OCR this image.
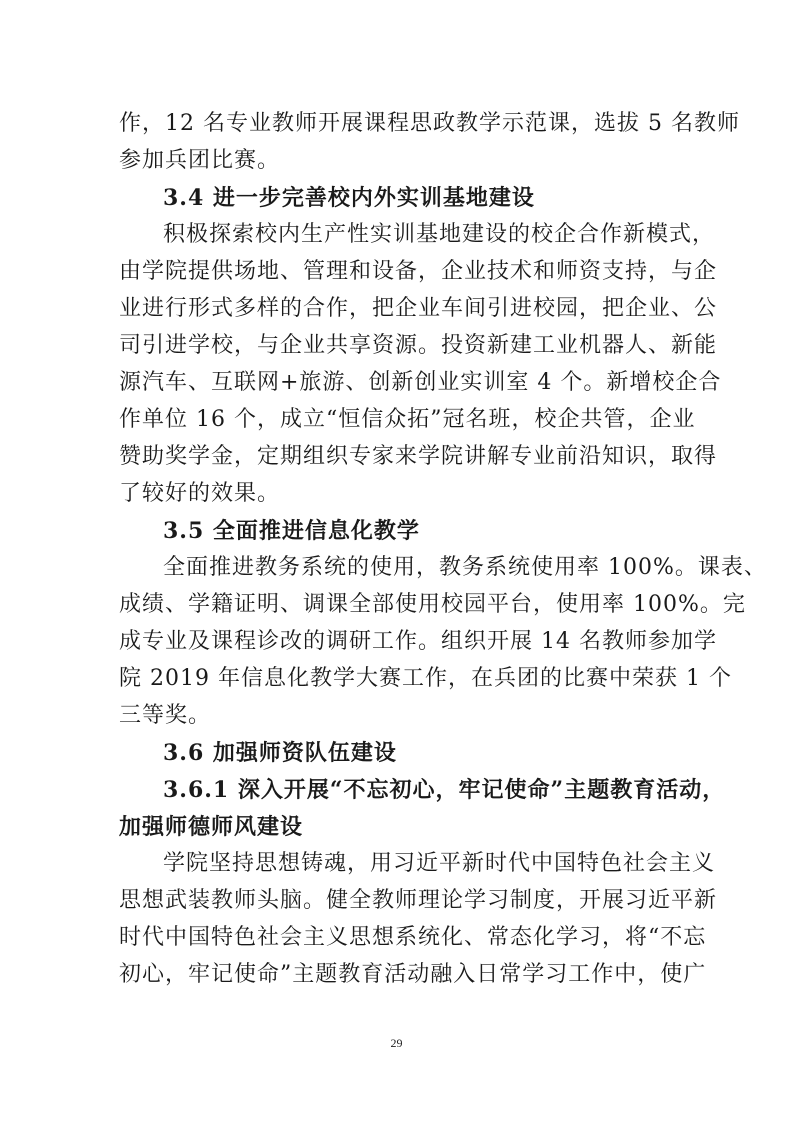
作，12 名专业教师开展课程思政教学示范课，选拔 5 名教师
参加兵团比赛。
3.4 进一步完善校内外实训基地建设
积极探索校内生产性实训基地建设的校企合作新模式，
由学院提供场地、管理和设备，企业技术和师资支持，与企
业进行形式多样的合作，把企业车间引进校园，把企业、公
司引进学校，与企业共享资源。投资新建工业机器人、新能
源汽车、互联网+旅游、创新创业实训室 4 个。新增校企合
作单位 16 个，成立“恒信众拓”冠名班，校企共管，企业
赞助奖学金，定期组织专家来学院讲解专业前沿知识，取得
了较好的效果。
3.5 全面推进信息化教学
全面推进教务系统的使用，教务系统使用率 100%。课表、
成绩、学籍证明、调课全部使用校园平台，使用率 100%。完
成专业及课程诊改的调研工作。组织开展 14 名教师参加学
院 2019 年信息化教学大赛工作，在兵团的比赛中荣获 1 个
三等奖。
3.6 加强师资队伍建设
3.6.1 深入开展“不忘初心，牢记使命”主题教育活动，
加强师德师风建设
学院坚持思想铸魂，用习近平新时代中国特色社会主义
思想武装教师头脑。健全教师理论学习制度，开展习近平新
时代中国特色社会主义思想系统化、常态化学习，将“不忘
初心，牢记使命”主题教育活动融入日常学习工作中，使广
29
